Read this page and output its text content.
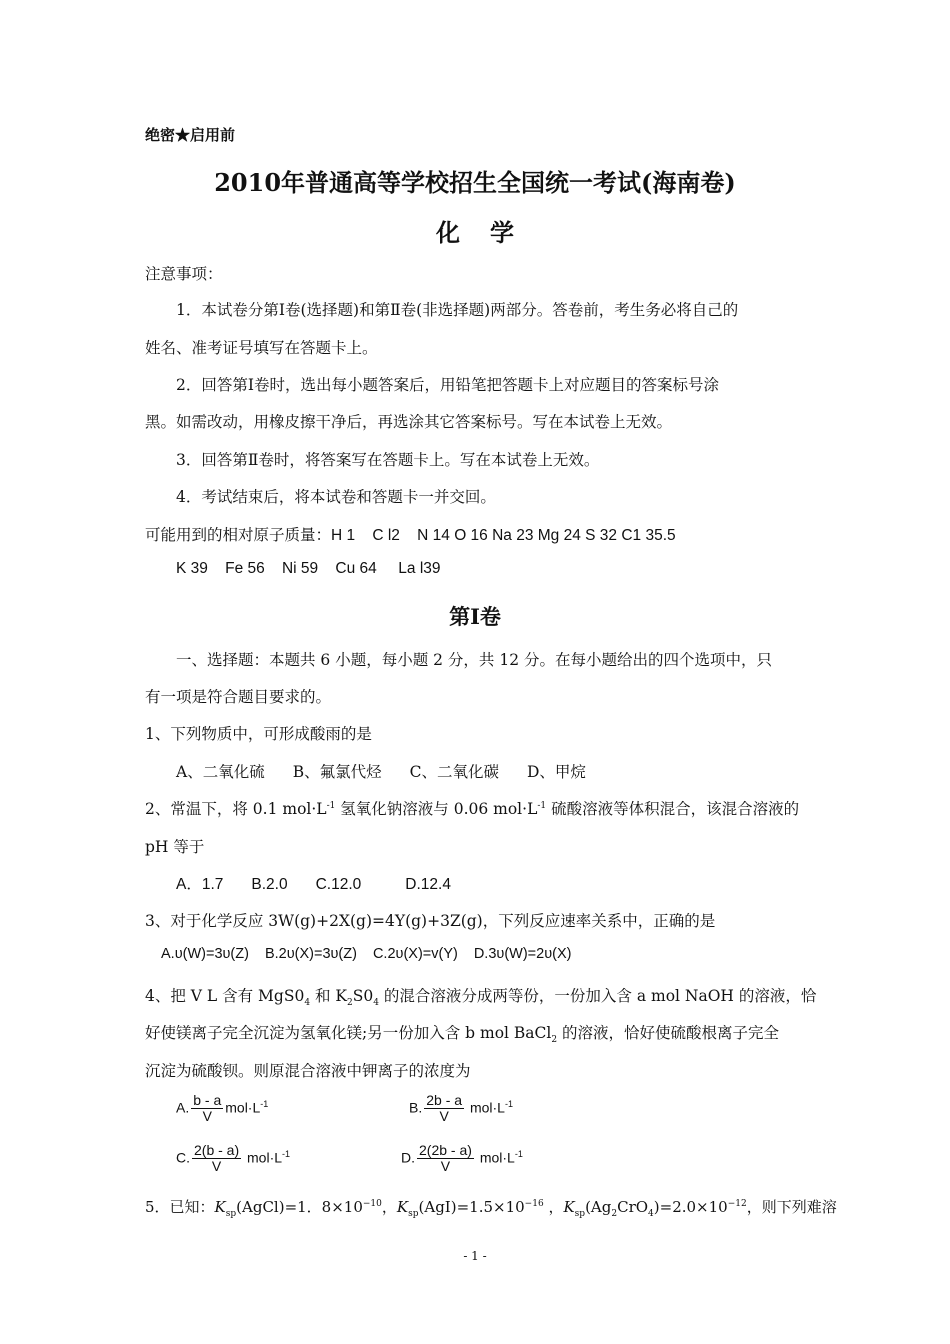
绝密★启用前
2010年普通高等学校招生全国统一考试(海南卷)
化学
注意事项：
1．本试卷分第Ⅰ卷(选择题)和第Ⅱ卷(非选择题)两部分。答卷前，考生务必将自己的
姓名、准考证号填写在答题卡上。
2．回答第Ⅰ卷时，选出每小题答案后，用铅笔把答题卡上对应题目的答案标号涂
黑。如需改动，用橡皮擦干净后，再选涂其它答案标号。写在本试卷上无效。
3．回答第Ⅱ卷时，将答案写在答题卡上。写在本试卷上无效。
4．考试结束后，将本试卷和答题卡一并交回。
可能用到的相对原子质量：H 1    C l2    N 14 O 16 Na 23 Mg 24 S 32 C1 35.5
K 39    Fe 56    Ni 59    Cu 64     La l39
第Ⅰ卷
一、选择题：本题共 6 小题，每小题 2 分，共 12 分。在每小题给出的四个选项中，只
有一项是符合题目要求的。
1、下列物质中，可形成酸雨的是
A、二氧化硫 B、氟氯代烃 C、二氧化碳 D、甲烷
2、常温下，将 0.1 $mol\cdot L^{-1}$ 氢氧化钠溶液与 0.06 $mol\cdot L^{-1}$ 硫酸溶液等体积混合，该混合溶液的
pH 等于
A．1.7 B.2.0 C.12.0	D.12.4
3、对于化学反应 3W(g)+2X(g)=4Y(g)+3Z(g)，下列反应速率关系中，正确的是
A.υ(W)=3υ(Z) B.2υ(X)=3υ(Z) C.2υ(X)=v(Y) D.3υ(W)=2υ(X)
4、把 V L 含有 $MgS0_4$ 和 $K_2S0_4$ 的混合溶液分成两等份，一份加入含 a mol NaOH 的溶液，恰
好使镁离子完全沉淀为氢氧化镁;另一份加入含 b mol BaCl$_2$ 的溶液，恰好使硫酸根离子完全
沉淀为硫酸钡。则原混合溶液中钾离子的浓度为
A. $\frac{b - a}{V} mol\cdot L^{-1}$	B. $\frac{2b - a}{V} mol\cdot L^{-1}$
C. $\frac{2(b - a)}{V} mol\cdot L^{-1}$	D. $\frac{2(2b - a)}{V} mol\cdot L^{-1}$
5．已知：$K_{sp}(AgCl)=1$．$8\times 10^{-10}$，$K_{sp}(AgI)=1.5\times 10^{-16}$ ，$K_{sp}(Ag_2CrO_4)=2.0\times 10^{-12}$，则下列难溶
- 1 -
